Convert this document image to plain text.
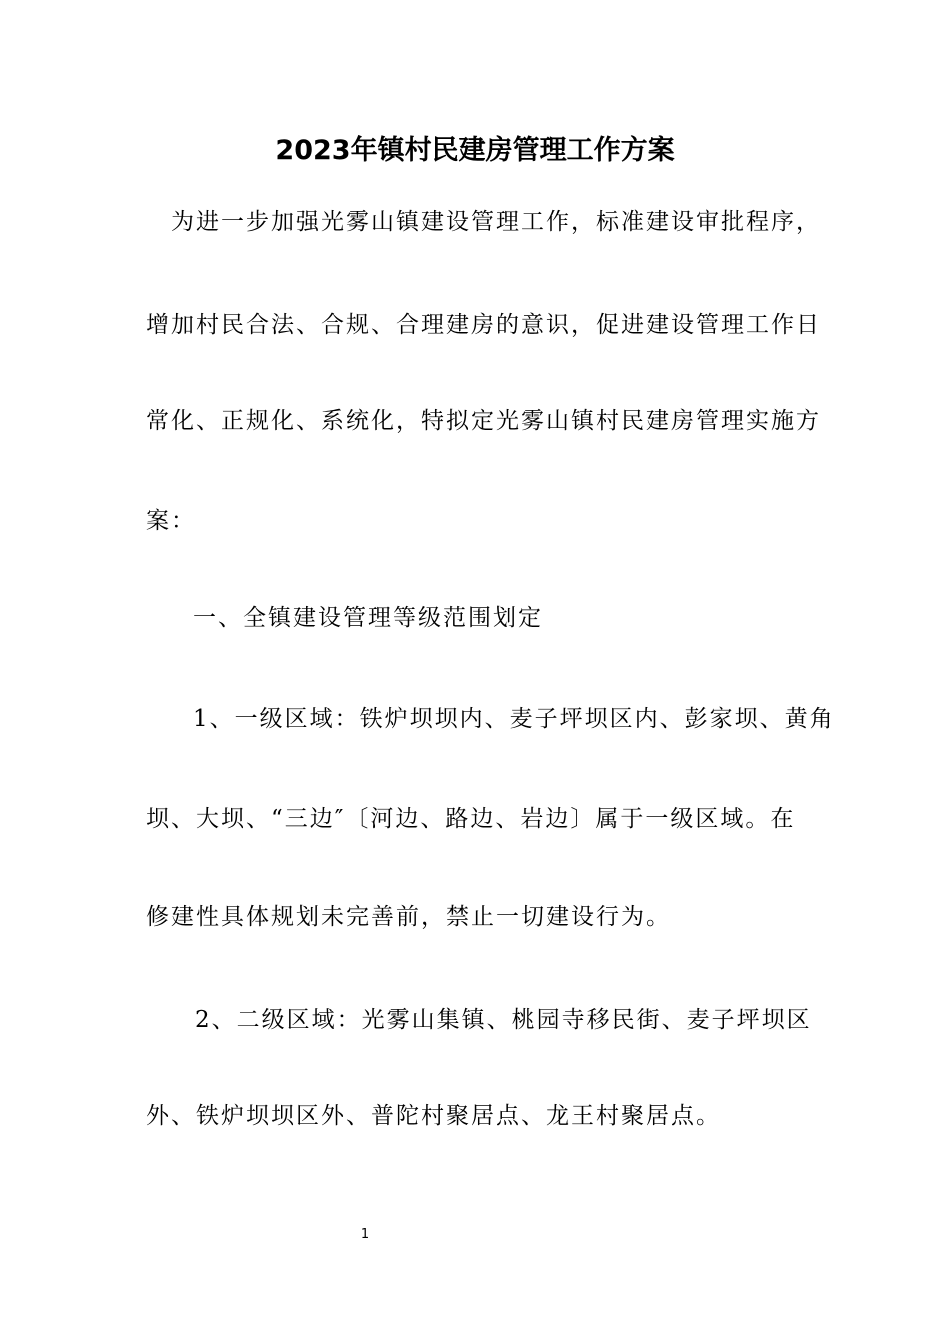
2023年镇村民建房管理工作方案

为进一步加强光雾山镇建设管理工作，标准建设审批程序，

增加村民合法、合规、合理建房的意识，促进建设管理工作日

常化、正规化、系统化，特拟定光雾山镇村民建房管理实施方

案：

一、全镇建设管理等级范围划定

1、一级区域：铁炉坝坝内、麦子坪坝区内、彭家坝、黄角

坝、大坝、“三边″〔河边、路边、岩边〕属于一级区域。在

修建性具体规划未完善前，禁止一切建设行为。

2、二级区域：光雾山集镇、桃园寺移民街、麦子坪坝区

外、铁炉坝坝区外、普陀村聚居点、龙王村聚居点。

1
